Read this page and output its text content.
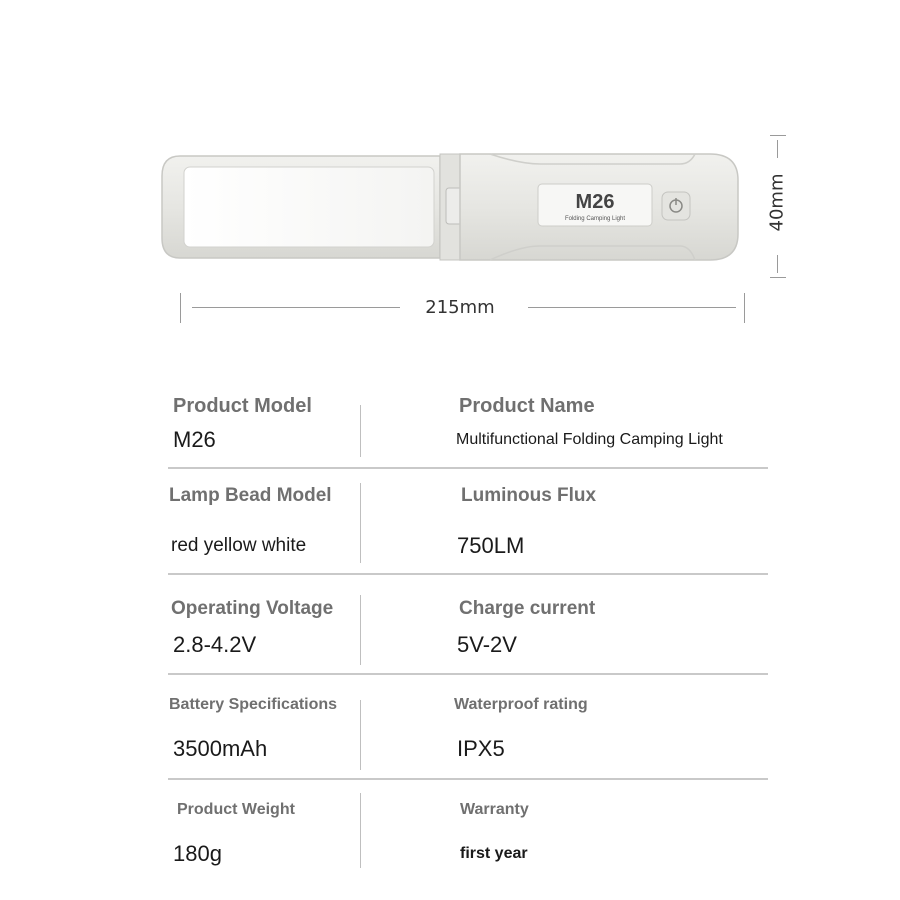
M26
Folding Camping Light	40mm
215mm
Product Model
M26
Product Name
Multifunctional Folding Camping Light
Lamp Bead Model
red yellow white
Luminous Flux
750LM
Operating Voltage
2.8-4.2V
Charge current
5V-2V
Battery Specifications
3500mAh
Waterproof rating
IPX5
Product Weight
180g
Warranty
first year
